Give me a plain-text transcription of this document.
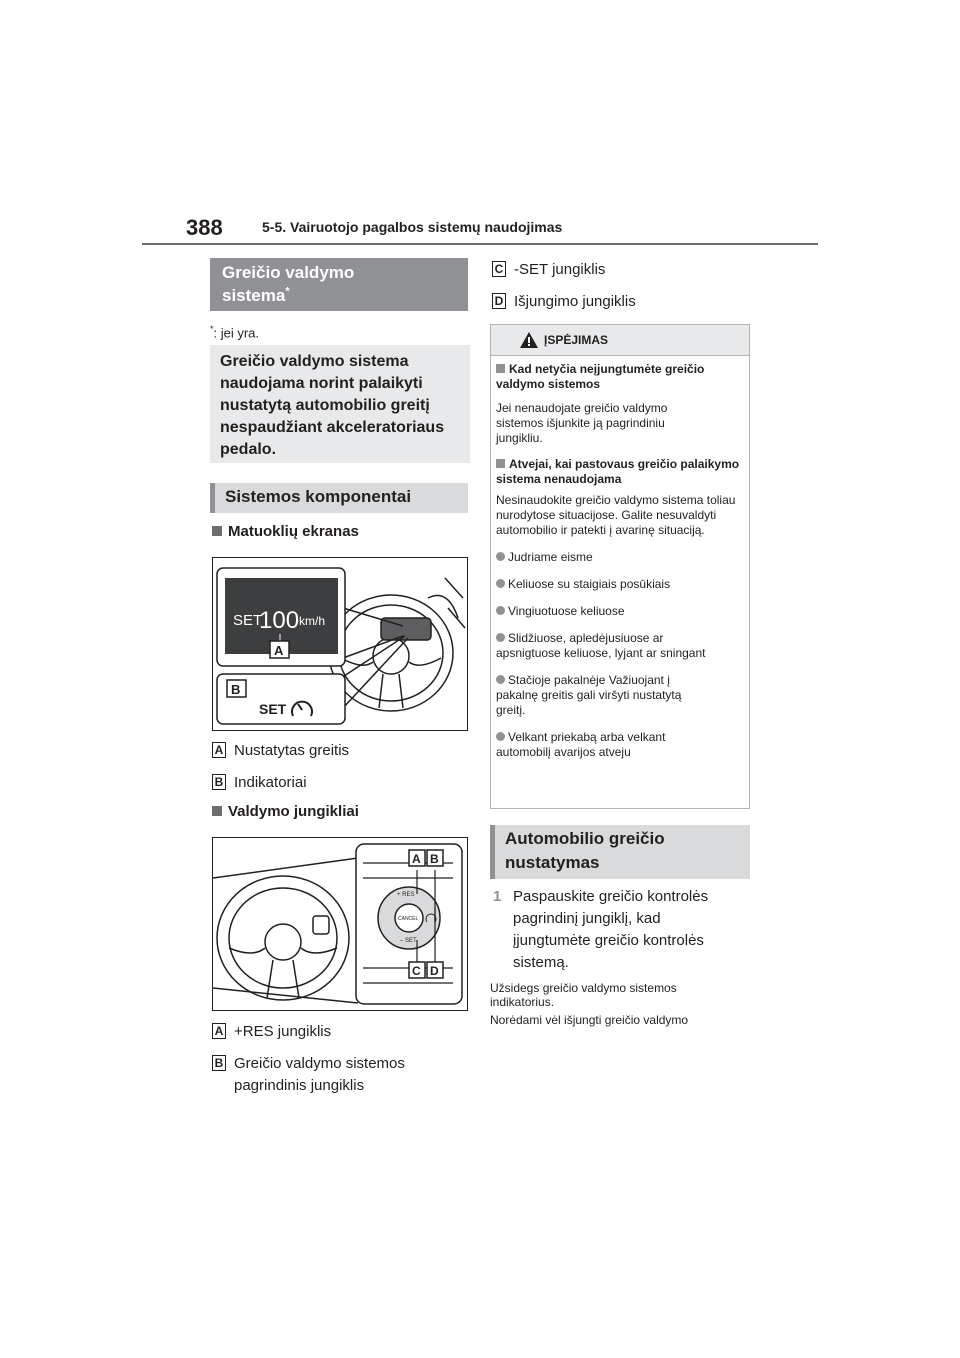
388	5-5. Vairuotojo pagalbos sistemų naudojimas
Greičio valdymo
sistema*
*: jei yra.
Greičio valdymo sistema naudojama norint palaikyti nustatytą automobilio greitį nespaudžiant akceleratoriaus pedalo.
Sistemos komponentai
Matuoklių ekranas
SET
100 km/h
A
B
SET
A Nustatytas greitis
B Indikatoriai
Valdymo jungikliai
+ RES
CANCEL
– SET
A B
C D
A +RES jungiklis
B Greičio valdymo sistemos pagrindinis jungiklis
C -SET jungiklis
D Išjungimo jungiklis
ĮSPĖJIMAS
Kad netyčia neįjungtumėte greičio valdymo sistemos
Jei nenaudojate greičio valdymo sistemos išjunkite ją pagrindiniu jungikliu.
Atvejai, kai pastovaus greičio palaikymo sistema nenaudojama
Nesinaudokite greičio valdymo sistema toliau nurodytose situacijose. Galite nesuvaldyti automobilio ir patekti į avarinę situaciją.
Judriame eisme
Keliuose su staigiais posūkiais
Vingiuotuose keliuose
Slidžiuose, apledėjusiuose ar apsnigtuose keliuose, lyjant ar sningant
Stačioje pakalnėje Važiuojant į pakalnę greitis gali viršyti nustatytą greitį.
Velkant priekabą arba velkant automobilį avarijos atveju
Automobilio greičio
nustatymas
1 Paspauskite greičio kontrolės pagrindinį jungiklį, kad įjungtumėte greičio kontrolės sistemą.
Užsidegs greičio valdymo sistemos indikatorius.
Norėdami vėl išjungti greičio valdymo
